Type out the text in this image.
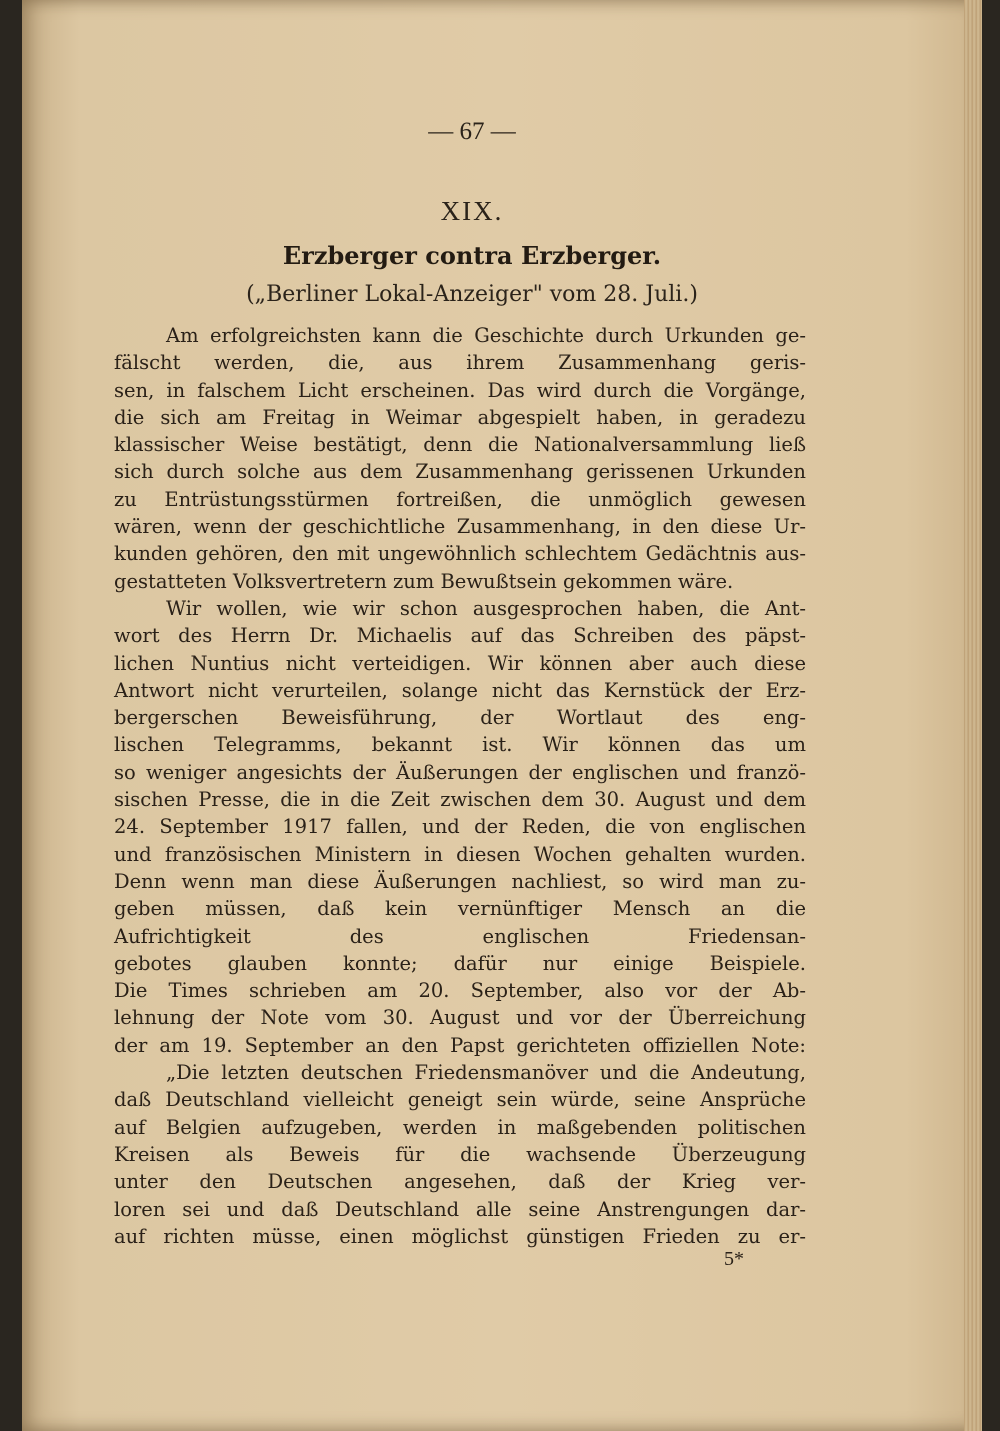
— 67 —
XIX.
Erzberger contra Erzberger.
(„Berliner Lokal-Anzeiger" vom 28. Juli.)
Am erfolgreichsten kann die Geschichte durch Urkunden ge-
fälscht werden, die, aus ihrem Zusammenhang geris-
sen, in falschem Licht erscheinen. Das wird durch die Vorgänge,
die sich am Freitag in Weimar abgespielt haben, in geradezu
klassischer Weise bestätigt, denn die Nationalversammlung ließ
sich durch solche aus dem Zusammenhang gerissenen Urkunden
zu Entrüstungsstürmen fortreißen, die unmöglich gewesen
wären, wenn der geschichtliche Zusammenhang, in den diese Ur-
kunden gehören, den mit ungewöhnlich schlechtem Gedächtnis aus-
gestatteten Volksvertretern zum Bewußtsein gekommen wäre.
Wir wollen, wie wir schon ausgesprochen haben, die Ant-
wort des Herrn Dr. Michaelis auf das Schreiben des päpst-
lichen Nuntius nicht verteidigen. Wir können aber auch diese
Antwort nicht verurteilen, solange nicht das Kernstück der Erz-
bergerschen Beweisführung, der Wortlaut des eng-
lischen Telegramms, bekannt ist. Wir können das um
so weniger angesichts der Äußerungen der englischen und franzö-
sischen Presse, die in die Zeit zwischen dem 30. August und dem
24. September 1917 fallen, und der Reden, die von englischen
und französischen Ministern in diesen Wochen gehalten wurden.
Denn wenn man diese Äußerungen nachliest, so wird man zu-
geben müssen, daß kein vernünftiger Mensch an die
Aufrichtigkeit des englischen Friedensan-
gebotes glauben konnte; dafür nur einige Beispiele.
Die Times schrieben am 20. September, also vor der Ab-
lehnung der Note vom 30. August und vor der Überreichung
der am 19. September an den Papst gerichteten offiziellen Note:
„Die letzten deutschen Friedensmanöver und die Andeutung,
daß Deutschland vielleicht geneigt sein würde, seine Ansprüche
auf Belgien aufzugeben, werden in maßgebenden politischen
Kreisen als Beweis für die wachsende Überzeugung
unter den Deutschen angesehen, daß der Krieg ver-
loren sei und daß Deutschland alle seine Anstrengungen dar-
auf richten müsse, einen möglichst günstigen Frieden zu er-
5*
